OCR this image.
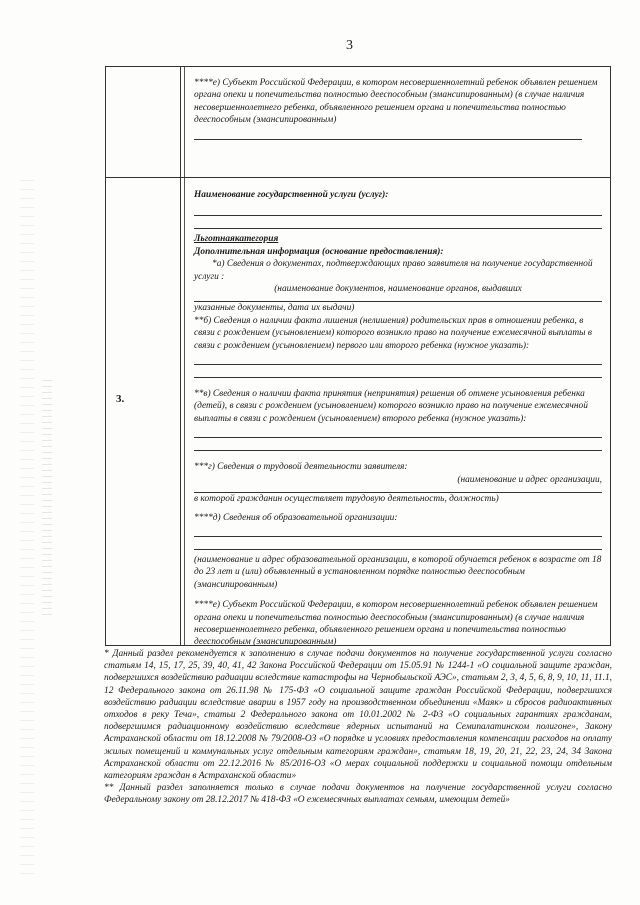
3

****е) Субъект Российской Федерации, в котором несовершеннолетний ребенок объявлен решением органа опеки и попечительства полностью дееспособным (эмансипированным) (в случае наличия несовершеннолетнего ребенка, объявленного решением органа и попечительства полностью дееспособным (эмансипированным)

3.

Наименование государственной услуги (услуг):

Льготнаякатегория

Дополнительная информация (основание предоставления):

*а) Сведения о документах, подтверждающих право заявителя на получение государственной услуги :

(наименование документов, наименование органов, выдавших

указанные документы, дата их выдачи)

**б) Сведения о наличии факта лишения (нелишения) родительских прав в отношении ребенка, в связи с рождением (усыновлением) которого возникло право на получение ежемесячной выплаты в связи с рождением (усыновлением) первого или второго ребенка (нужное указать):

**в) Сведения о наличии факта принятия (непринятия) решения об отмене усыновления ребенка (детей), в связи с рождением (усыновлением) которого возникло право на получение ежемесячной выплаты в связи с рождением (усыновлением) второго ребенка (нужное указать):

***г) Сведения о трудовой деятельности заявителя:

(наименование и адрес организации,

в которой гражданин осуществляет трудовую деятельность, должность)

****д) Сведения об образовательной организации:

(наименование и адрес образовательной организации, в которой обучается ребенок в возрасте от 18 до 23 лет и (или) объявленный в установленном порядке полностью дееспособным (эмансипированным)

****е) Субъект Российской Федерации, в котором несовершеннолетний ребенок объявлен решением органа опеки и попечительства полностью дееспособным (эмансипированным) (в случае наличия несовершеннолетнего ребенка, объявленного решением органа и попечительства полностью дееспособным (эмансипированным)

* Данный раздел рекомендуется к заполнению в случае подачи документов на получение государственной услуги согласно статьям 14, 15, 17, 25, 39, 40, 41, 42 Закона Российской Федерации от 15.05.91 № 1244-1 «О социальной защите граждан, подвергшихся воздействию радиации вследствие катастрофы на Чернобыльской АЭС», статьям 2, 3, 4, 5, 6, 8, 9, 10, 11, 11.1, 12 Федерального закона от 26.11.98 № 175-ФЗ «О социальной защите граждан Российской Федерации, подвергшихся воздействию радиации вследствие аварии в 1957 году на производственном объединении «Маяк» и сбросов радиоактивных отходов в реку Теча», статьи 2 Федерального закона от 10.01.2002 № 2-ФЗ «О социальных гарантиях гражданам, подвергшимся радиационному воздействию вследствие ядерных испытаний на Семипалатинском полигоне», Закону Астраханской области от 18.12.2008 № 79/2008-ОЗ «О порядке и условиях предоставления компенсации расходов на оплату жилых помещений и коммунальных услуг отдельным категориям граждан», статьям 18, 19, 20, 21, 22, 23, 24, 34 Закона Астраханской области от 22.12.2016 № 85/2016-ОЗ «О мерах социальной поддержки и социальной помощи отдельным категориям граждан в Астраханской области»

** Данный раздел заполняется только в случае подачи документов на получение государственной услуги согласно Федеральному закону от 28.12.2017 № 418-ФЗ «О ежемесячных выплатах семьям, имеющим детей»
